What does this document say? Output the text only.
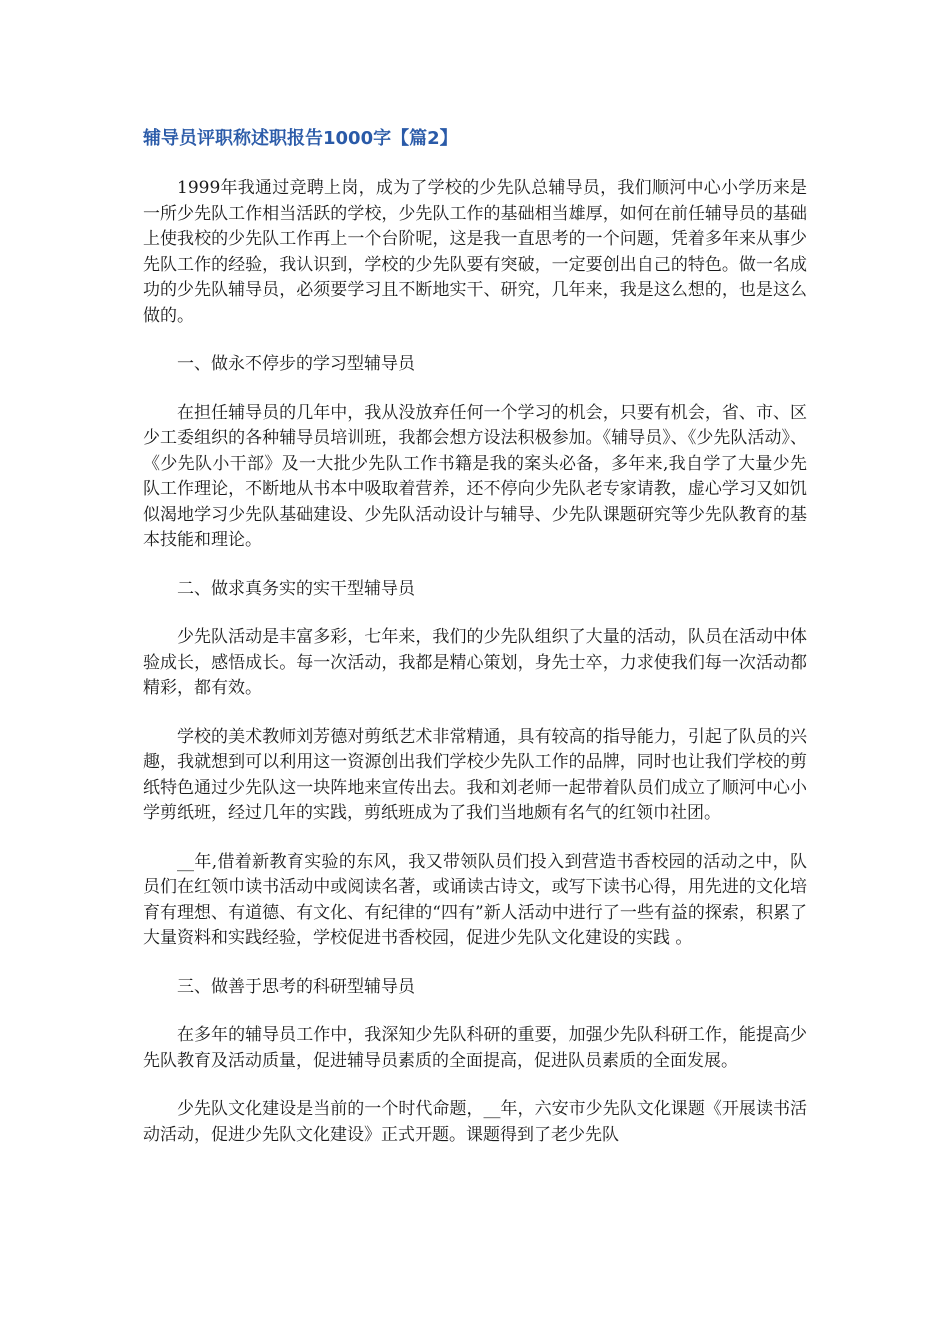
辅导员评职称述职报告1000字【篇2】

1999年我通过竞聘上岗，成为了学校的少先队总辅导员，我们顺河中心小学历来是一所少先队工作相当活跃的学校，少先队工作的基础相当雄厚，如何在前任辅导员的基础上使我校的少先队工作再上一个台阶呢，这是我一直思考的一个问题，凭着多年来从事少先队工作的经验，我认识到，学校的少先队要有突破，一定要创出自己的特色。做一名成功的少先队辅导员，必须要学习且不断地实干、研究，几年来，我是这么想的，也是这么做的。

一、做永不停步的学习型辅导员

在担任辅导员的几年中，我从没放弃任何一个学习的机会，只要有机会，省、市、区少工委组织的各种辅导员培训班，我都会想方设法积极参加。《辅导员》、《少先队活动》、《少先队小干部》及一大批少先队工作书籍是我的案头必备，多年来,我自学了大量少先队工作理论，不断地从书本中吸取着营养，还不停向少先队老专家请教，虚心学习又如饥似渴地学习少先队基础建设、少先队活动设计与辅导、少先队课题研究等少先队教育的基本技能和理论。

二、做求真务实的实干型辅导员

少先队活动是丰富多彩，七年来，我们的少先队组织了大量的活动，队员在活动中体验成长，感悟成长。每一次活动，我都是精心策划，身先士卒，力求使我们每一次活动都精彩，都有效。

学校的美术教师刘芳德对剪纸艺术非常精通，具有较高的指导能力，引起了队员的兴趣，我就想到可以利用这一资源创出我们学校少先队工作的品牌，同时也让我们学校的剪纸特色通过少先队这一块阵地来宣传出去。我和刘老师一起带着队员们成立了顺河中心小学剪纸班，经过几年的实践，剪纸班成为了我们当地颇有名气的红领巾社团。

__年,借着新教育实验的东风，我又带领队员们投入到营造书香校园的活动之中，队员们在红领巾读书活动中或阅读名著，或诵读古诗文，或写下读书心得，用先进的文化培育有理想、有道德、有文化、有纪律的“四有”新人活动中进行了一些有益的探索，积累了大量资料和实践经验，学校促进书香校园，促进少先队文化建设的实践 。

三、做善于思考的科研型辅导员

在多年的辅导员工作中，我深知少先队科研的重要，加强少先队科研工作，能提高少先队教育及活动质量，促进辅导员素质的全面提高，促进队员素质的全面发展。

少先队文化建设是当前的一个时代命题，__年，六安市少先队文化课题《开展读书活动活动，促进少先队文化建设》正式开题。课题得到了老少先队
